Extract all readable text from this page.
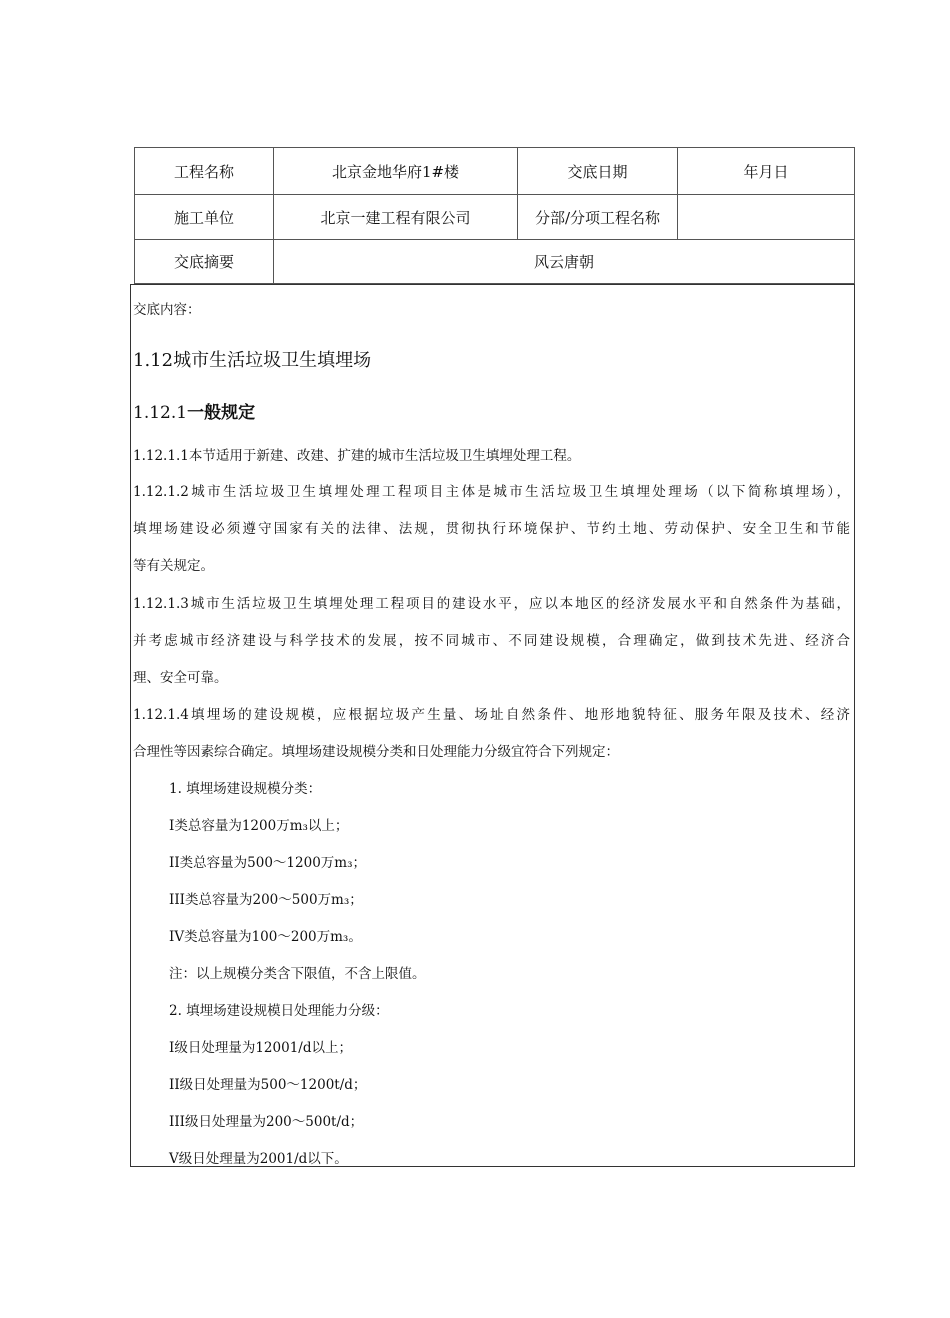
工程名称	北京金地华府1#楼	交底日期	年月日
施工单位	北京一建工程有限公司	分部/分项工程名称	
交底摘要	风云唐朝		
交底内容：
1.12城市生活垃圾卫生填埋场
1.12.1一般规定
1.12.1.1本节适用于新建、改建、扩建的城市生活垃圾卫生填埋处理工程。
1.12.1.2城市生活垃圾卫生填埋处理工程项目主体是城市生活垃圾卫生填埋处理场（以下简称填埋场），
填埋场建设必须遵守国家有关的法律、法规，贯彻执行环境保护、节约土地、劳动保护、安全卫生和节能
等有关规定。
1.12.1.3城市生活垃圾卫生填埋处理工程项目的建设水平，应以本地区的经济发展水平和自然条件为基础，
并考虑城市经济建设与科学技术的发展，按不同城市、不同建设规模，合理确定，做到技术先进、经济合
理、安全可靠。
1.12.1.4填埋场的建设规模，应根据垃圾产生量、场址自然条件、地形地貌特征、服务年限及技术、经济
合理性等因素综合确定。填埋场建设规模分类和日处理能力分级宜符合下列规定：
1. 填埋场建设规模分类：
I类总容量为1200万m₃以上；
II类总容量为500～1200万m₃；
III类总容量为200～500万m₃；
IV类总容量为100～200万m₃。
注：以上规模分类含下限值，不含上限值。
2. 填埋场建设规模日处理能力分级：
I级日处理量为12001/d以上；
II级日处理量为500～1200t/d；
III级日处理量为200～500t/d；
V级日处理量为2001/d以下。
